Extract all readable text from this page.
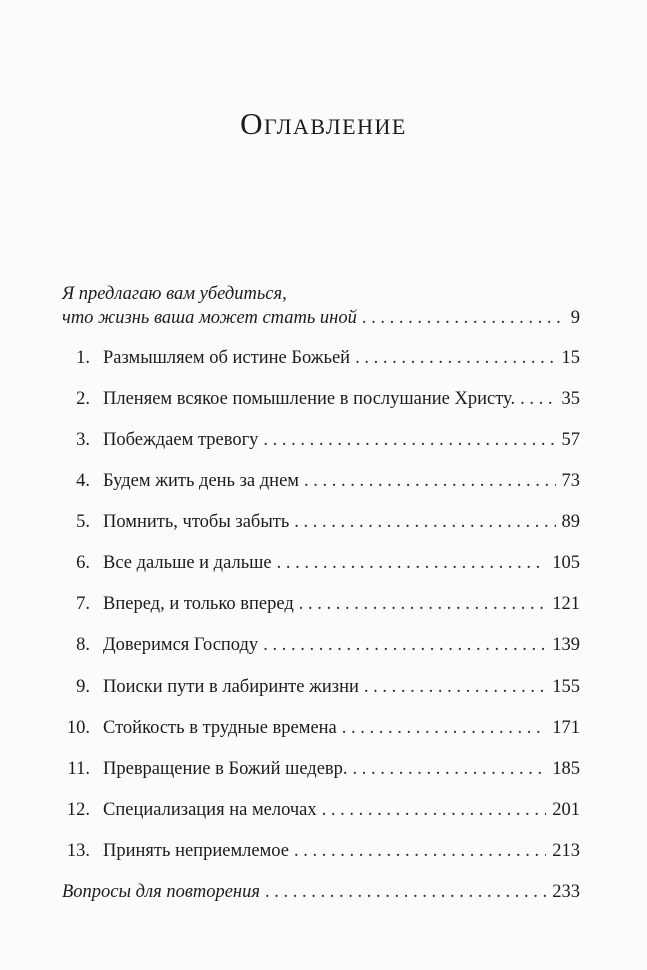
Оглавление
Я предлагаю вам убедиться,
что жизнь ваша может стать иной . . .	9
1. Размышляем об истине Божьей . . .	15
2. Пленяем всякое помышление в послушание Христу. . . .	35
3. Побеждаем тревогу . . .	57
4. Будем жить день за днем . . .	73
5. Помнить, чтобы забыть . . .	89
6. Все дальше и дальше . . .	105
7. Вперед, и только вперед . . .	121
8. Доверимся Господу . . .	139
9. Поиски пути в лабиринте жизни . . .	155
10. Стойкость в трудные времена . . .	171
11. Превращение в Божий шедевр. . . .	185
12. Специализация на мелочах . . .	201
13. Принять неприемлемое . . .	213
Вопросы для повторения . . .	233
